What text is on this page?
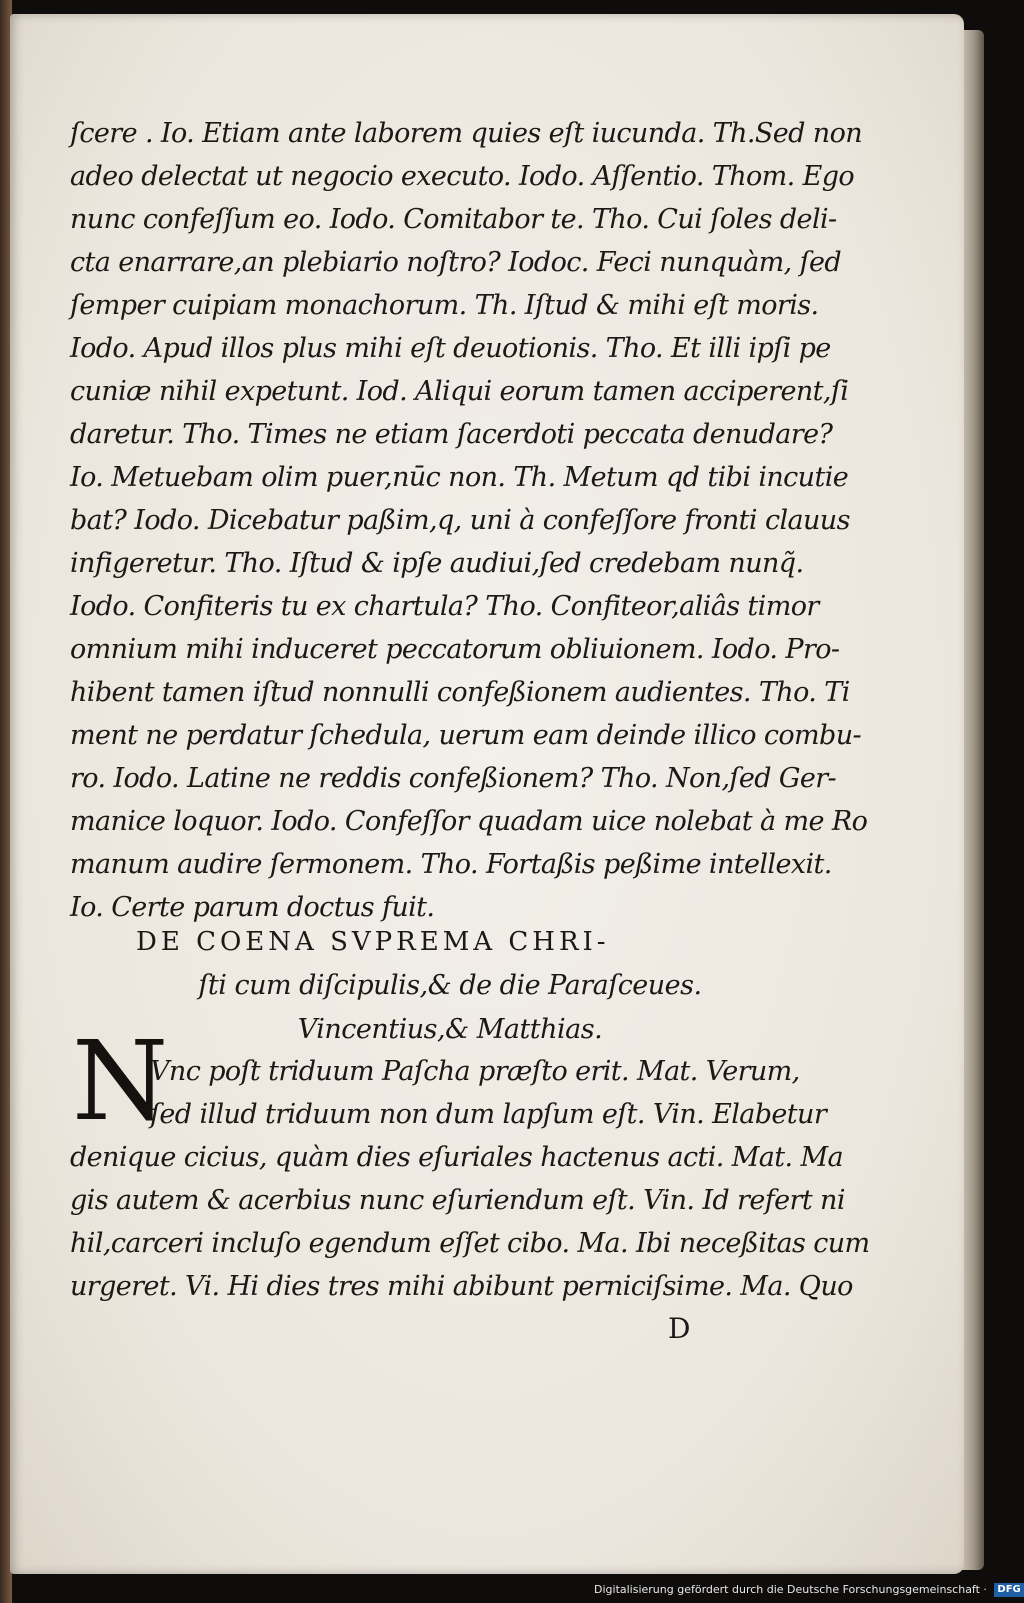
ſcere . Io. Etiam ante laborem quies eſt iucunda. Th.Sed non
adeo delectat ut negocio executo. Iodo. Aſſentio. Thom. Ego
nunc confeſſum eo. Iodo. Comitabor te. Tho. Cui ſoles deli-
cta enarrare,an plebiario noſtro? Iodoc. Feci nunquàm, ſed
ſemper cuipiam monachorum. Th. Iſtud & mihi eſt moris.
Iodo. Apud illos plus mihi eſt deuotionis. Tho. Et illi ipſi pe
cuniæ nihil expetunt. Iod. Aliqui eorum tamen acciperent,ſi
daretur. Tho. Times ne etiam ſacerdoti peccata denudare?
Io. Metuebam olim puer,nūc non. Th. Metum qd tibi incutie
bat? Iodo. Dicebatur paßim,q, uni à confeſſore fronti clauus
infigeretur. Tho. Iſtud & ipſe audiui,ſed credebam nunq̃.
Iodo. Confiteris tu ex chartula? Tho. Confiteor,aliâs timor
omnium mihi induceret peccatorum obliuionem. Iodo. Pro-
hibent tamen iſtud nonnulli confeßionem audientes. Tho. Ti
ment ne perdatur ſchedula, uerum eam deinde illico combu-
ro. Iodo. Latine ne reddis confeßionem? Tho. Non,ſed Ger-
manice loquor. Iodo. Confeſſor quadam uice nolebat à me Ro
manum audire ſermonem. Tho. Fortaßis peßime intellexit.
Io. Certe parum doctus fuit.
DE COENA SVPREMA CHRI-
ſti cum diſcipulis,& de die Paraſceues.
Vincentius,& Matthias.
N
Vnc poſt triduum Paſcha præſto erit. Mat. Verum,
ſed illud triduum non dum lapſum eſt. Vin. Elabetur
denique cicius, quàm dies eſuriales hactenus acti. Mat. Ma
gis autem & acerbius nunc eſuriendum eſt. Vin. Id refert ni
hil,carceri incluſo egendum eſſet cibo. Ma. Ibi neceßitas cum
urgeret. Vi. Hi dies tres mihi abibunt perniciſsime. Ma. Quo
D
Digitalisierung gefördert durch die Deutsche Forschungsgemeinschaft · DFG
